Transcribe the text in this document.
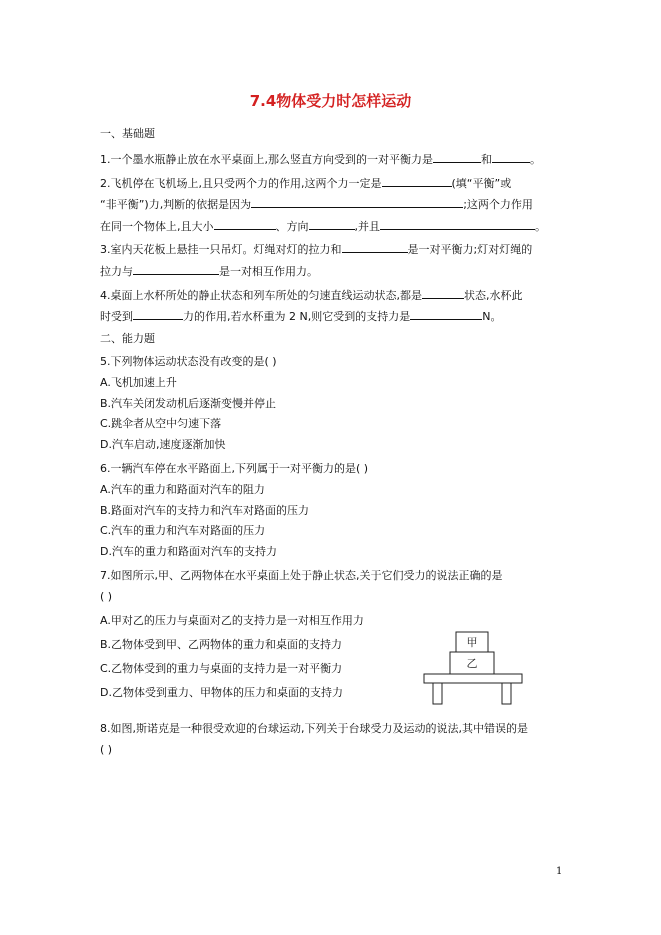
7.4物体受力时怎样运动
一、基础题
1.一个墨水瓶静止放在水平桌面上,那么竖直方向受到的一对平衡力是	和	。
2.飞机停在飞机场上,且只受两个力的作用,这两个力一定是	(填“平衡”或
“非平衡”)力,判断的依据是因为	;这两个力作用
在同一个物体上,且大小	、方向	,并且	。
3.室内天花板上悬挂一只吊灯。灯绳对灯的拉力和	是一对平衡力;灯对灯绳的
拉力与	是一对相互作用力。
4.桌面上水杯所处的静止状态和列车所处的匀速直线运动状态,都是	状态,水杯此
时受到	力的作用,若水杯重为 2 N,则它受到的支持力是	N。
二、能力题
5.下列物体运动状态没有改变的是( )
A.飞机加速上升
B.汽车关闭发动机后逐渐变慢并停止
C.跳伞者从空中匀速下落
D.汽车启动,速度逐渐加快
6.一辆汽车停在水平路面上,下列属于一对平衡力的是( )
A.汽车的重力和路面对汽车的阻力
B.路面对汽车的支持力和汽车对路面的压力
C.汽车的重力和汽车对路面的压力
D.汽车的重力和路面对汽车的支持力
7.如图所示,甲、乙两物体在水平桌面上处于静止状态,关于它们受力的说法正确的是
( )
A.甲对乙的压力与桌面对乙的支持力是一对相互作用力
B.乙物体受到甲、乙两物体的重力和桌面的支持力
C.乙物体受到的重力与桌面的支持力是一对平衡力
D.乙物体受到重力、甲物体的压力和桌面的支持力
甲
乙
8.如图,斯诺克是一种很受欢迎的台球运动,下列关于台球受力及运动的说法,其中错误的是
( )
1
